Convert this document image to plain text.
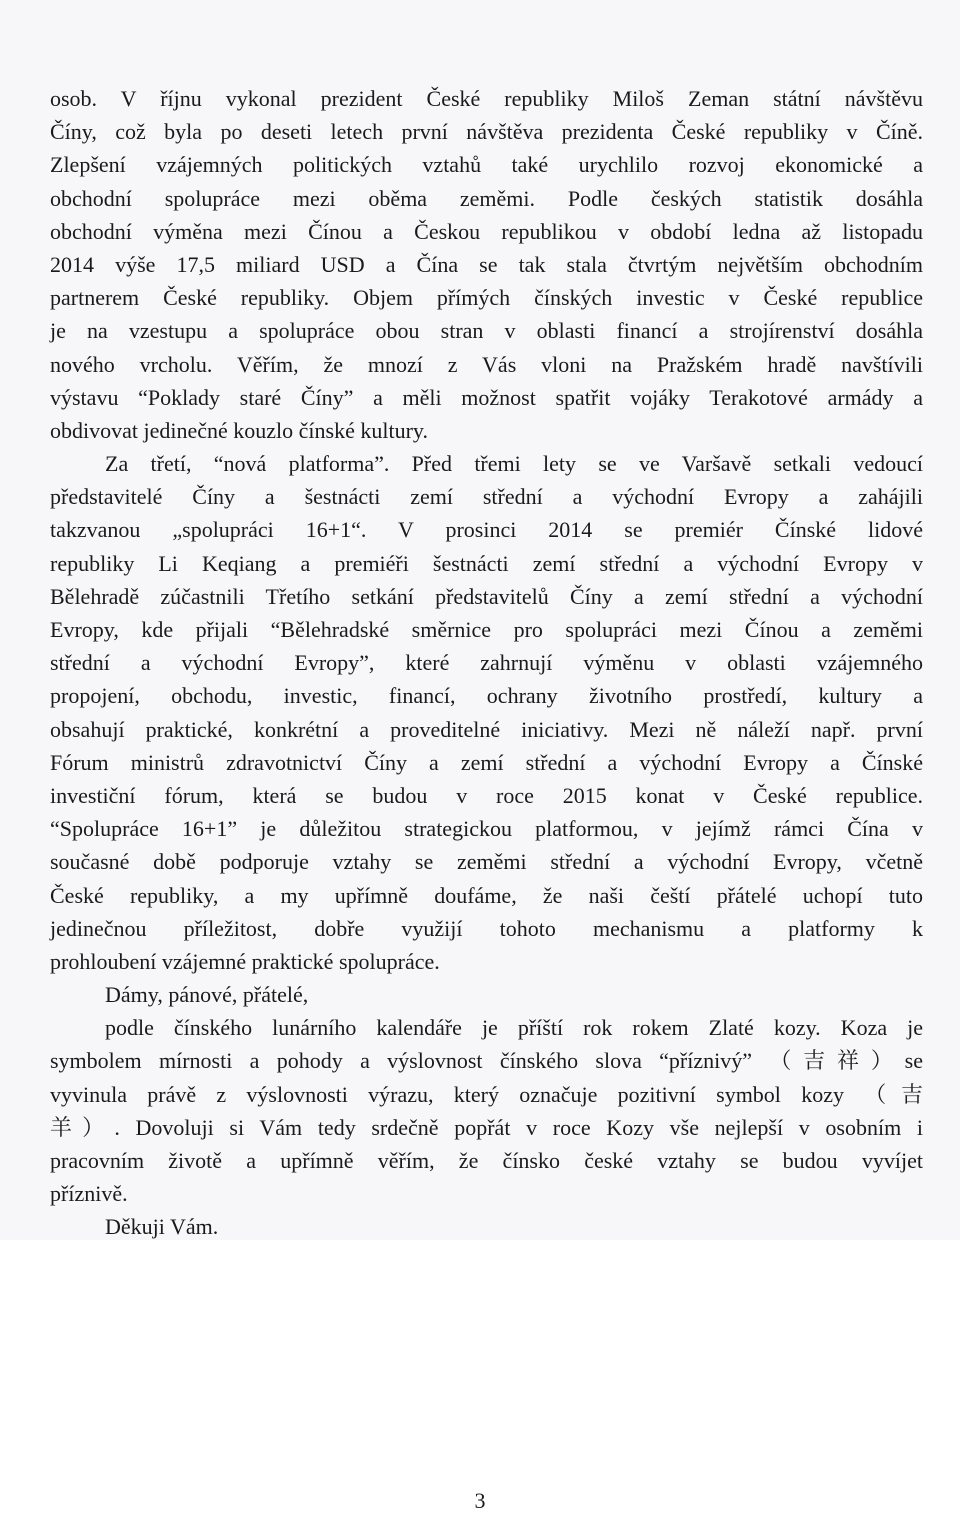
osob. V říjnu vykonal prezident České republiky Miloš Zeman státní návštěvu
Číny, což byla po deseti letech první návštěva prezidenta České republiky v Číně.
Zlepšení vzájemných politických vztahů také urychlilo rozvoj ekonomické a
obchodní spolupráce mezi oběma zeměmi. Podle českých statistik dosáhla
obchodní výměna mezi Čínou a Českou republikou v období ledna až listopadu
2014 výše 17,5 miliard USD a Čína se tak stala čtvrtým největším obchodním
partnerem České republiky. Objem přímých čínských investic v České republice
je na vzestupu a spolupráce obou stran v oblasti financí a strojírenství dosáhla
nového vrcholu. Věřím, že mnozí z Vás vloni na Pražském hradě navštívili
výstavu “Poklady staré Číny” a měli možnost spatřit vojáky Terakotové armády a
obdivovat jedinečné kouzlo čínské kultury.
Za třetí, “nová platforma”. Před třemi lety se ve Varšavě setkali vedoucí
představitelé Číny a šestnácti zemí střední a východní Evropy a zahájili
takzvanou „spolupráci 16+1“. V prosinci 2014 se premiér Čínské lidové
republiky Li Keqiang a premiéři šestnácti zemí střední a východní Evropy v
Bělehradě zúčastnili Třetího setkání představitelů Číny a zemí střední a východní
Evropy, kde přijali “Bělehradské směrnice pro spolupráci mezi Čínou a zeměmi
střední a východní Evropy”, které zahrnují výměnu v oblasti vzájemného
propojení, obchodu, investic, financí, ochrany životního prostředí, kultury a
obsahují praktické, konkrétní a proveditelné iniciativy. Mezi ně náleží např. první
Fórum ministrů zdravotnictví Číny a zemí střední a východní Evropy a Čínské
investiční fórum, která se budou v roce 2015 konat v České republice.
“Spolupráce 16+1” je důležitou strategickou platformou, v jejímž rámci Čína v
současné době podporuje vztahy se zeměmi střední a východní Evropy, včetně
České republiky, a my upřímně doufáme, že naši čeští přátelé uchopí tuto
jedinečnou příležitost, dobře využijí tohoto mechanismu a platformy k
prohloubení vzájemné praktické spolupráce.
Dámy, pánové, přátelé,
podle čínského lunárního kalendáře je příští rok rokem Zlaté kozy. Koza je
symbolem mírnosti a pohody a výslovnost čínského slova “příznivý” （吉祥）se
vyvinula právě z výslovnosti výrazu, který označuje pozitivní symbol kozy （吉
羊）. Dovoluji si Vám tedy srdečně popřát v roce Kozy vše nejlepší v osobním i
pracovním životě a upřímně věřím, že čínsko české vztahy se budou vyvíjet
příznivě.
Děkuji Vám.
3
